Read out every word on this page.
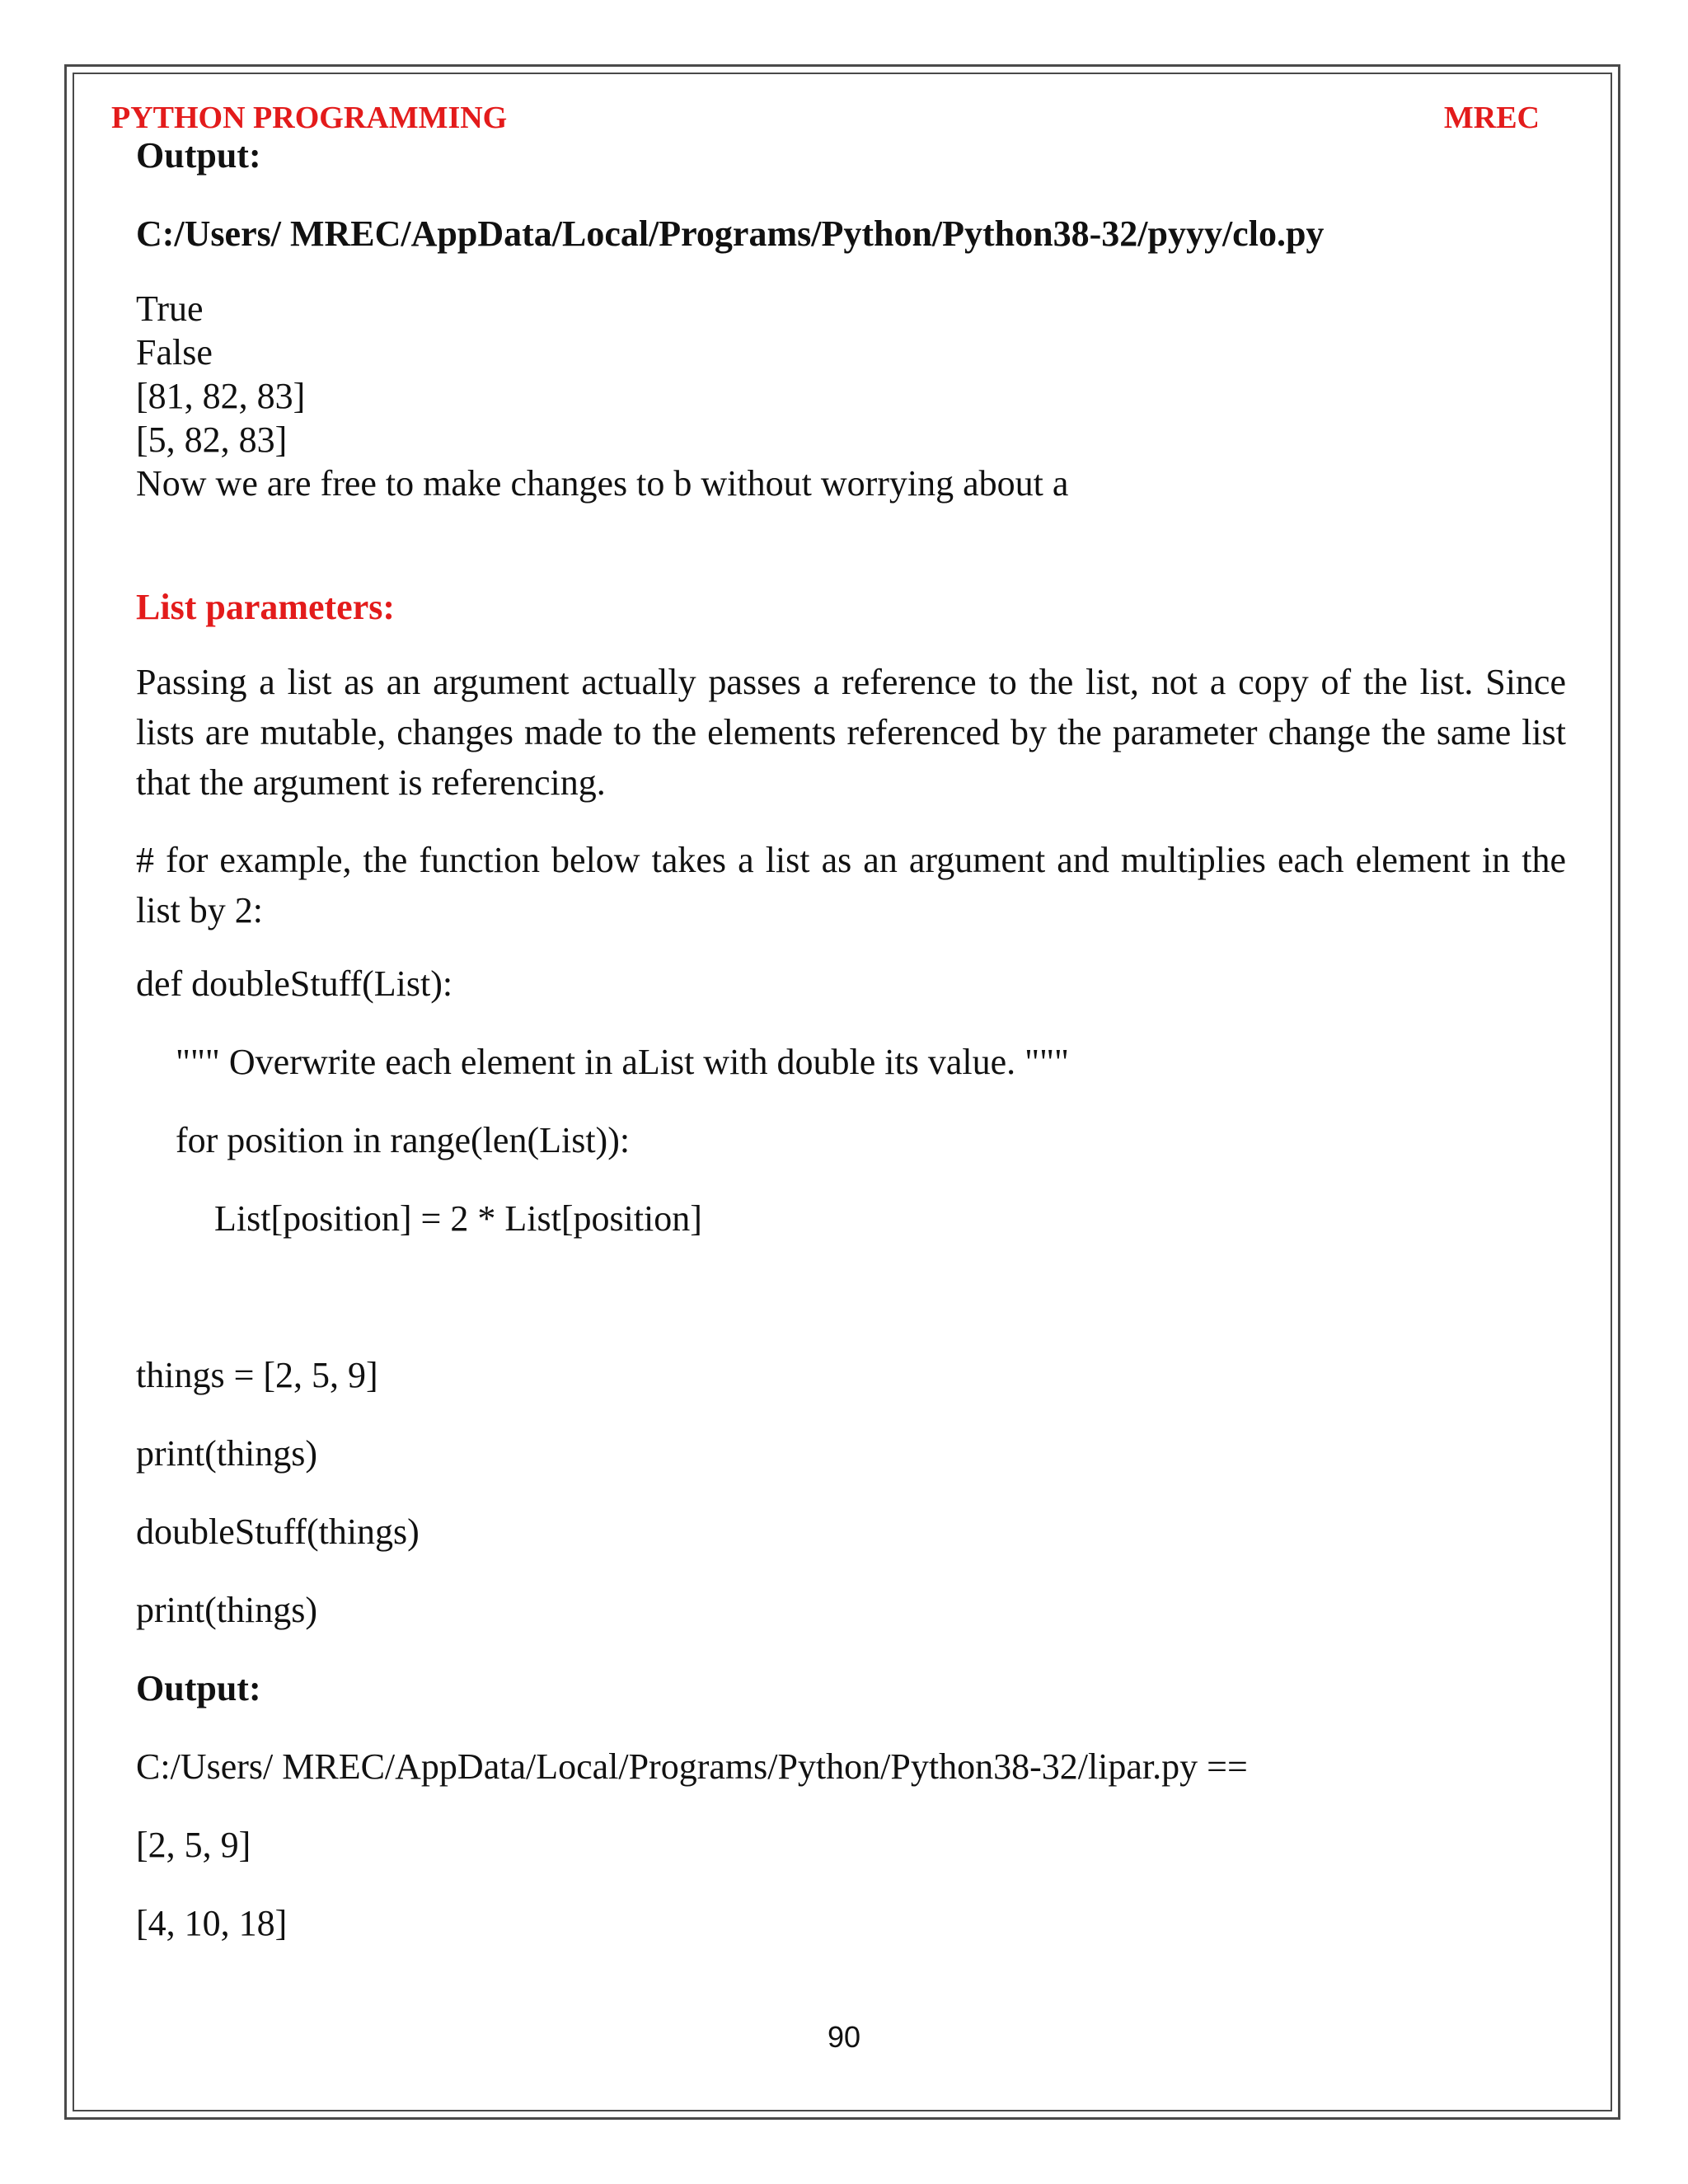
PYTHON PROGRAMMING	MREC
Output:
C:/Users/ MREC/AppData/Local/Programs/Python/Python38-32/pyyy/clo.py
True
False
[81, 82, 83]
[5, 82, 83]
Now we are free to make changes to b without worrying about a
List parameters:
Passing a list as an argument actually passes a reference to the list, not a copy of the list. Since lists are mutable, changes made to the elements referenced by the parameter change the same list that the argument is referencing.
# for example, the function below takes a list as an argument and multiplies each element in the list by 2:
def doubleStuff(List):
""" Overwrite each element in aList with double its value. """
for position in range(len(List)):
List[position] = 2 * List[position]
things = [2, 5, 9]
print(things)
doubleStuff(things)
print(things)
Output:
C:/Users/ MREC/AppData/Local/Programs/Python/Python38-32/lipar.py ==
[2, 5, 9]
[4, 10, 18]
90
